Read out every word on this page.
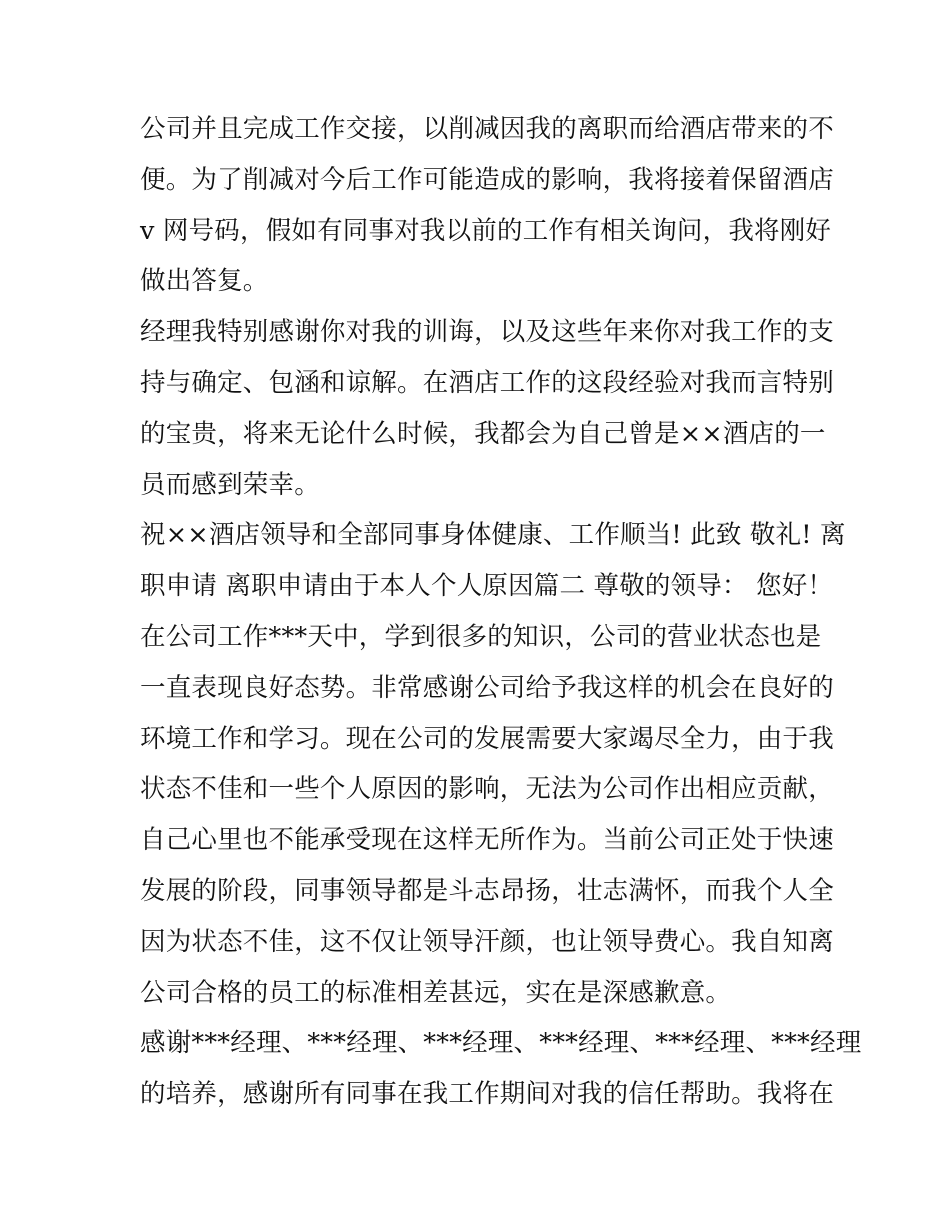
公司并且完成工作交接，以削减因我的离职而给酒店带来的不
便。为了削减对今后工作可能造成的影响，我将接着保留酒店
v 网号码，假如有同事对我以前的工作有相关询问，我将刚好
做出答复。
经理我特别感谢你对我的训诲，以及这些年来你对我工作的支
持与确定、包涵和谅解。在酒店工作的这段经验对我而言特别
的宝贵，将来无论什么时候，我都会为自己曾是××酒店的一
员而感到荣幸。
祝××酒店领导和全部同事身体健康、工作顺当! 此致 敬礼! 离
职申请 离职申请由于本人个人原因篇二 尊敬的领导： 您好！
在公司工作***天中，学到很多的知识，公司的营业状态也是
一直表现良好态势。非常感谢公司给予我这样的机会在良好的
环境工作和学习。现在公司的发展需要大家竭尽全力，由于我
状态不佳和一些个人原因的影响，无法为公司作出相应贡献，
自己心里也不能承受现在这样无所作为。当前公司正处于快速
发展的阶段，同事领导都是斗志昂扬，壮志满怀，而我个人全
因为状态不佳，这不仅让领导汗颜，也让领导费心。我自知离
公司合格的员工的标准相差甚远，实在是深感歉意。
感谢***经理、***经理、***经理、***经理、***经理、***经理
的培养，感谢所有同事在我工作期间对我的信任帮助。我将在
